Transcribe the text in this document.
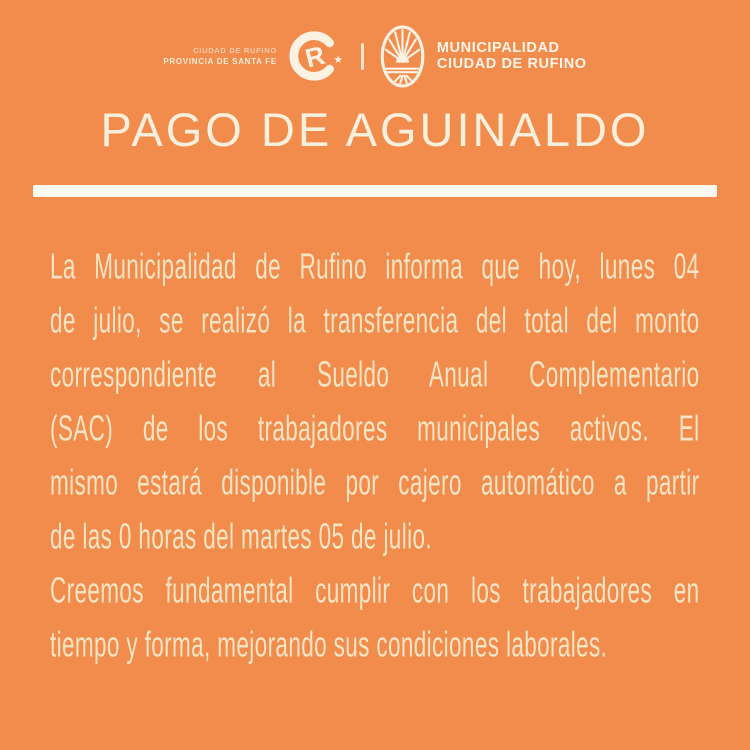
CIUDAD DE RUFINO
PROVINCIA DE SANTA FE R ★
MUNICIPALIDAD
CIUDAD DE RUFINO
PAGO DE AGUINALDO
La Municipalidad de Rufino informa que hoy, lunes 04
de julio, se realizó la transferencia del total del monto
correspondiente al Sueldo Anual Complementario
(SAC) de los trabajadores municipales activos. El
mismo estará disponible por cajero automático a partir
de las 0 horas del martes 05 de julio.
Creemos fundamental cumplir con los trabajadores en
tiempo y forma, mejorando sus condiciones laborales.
